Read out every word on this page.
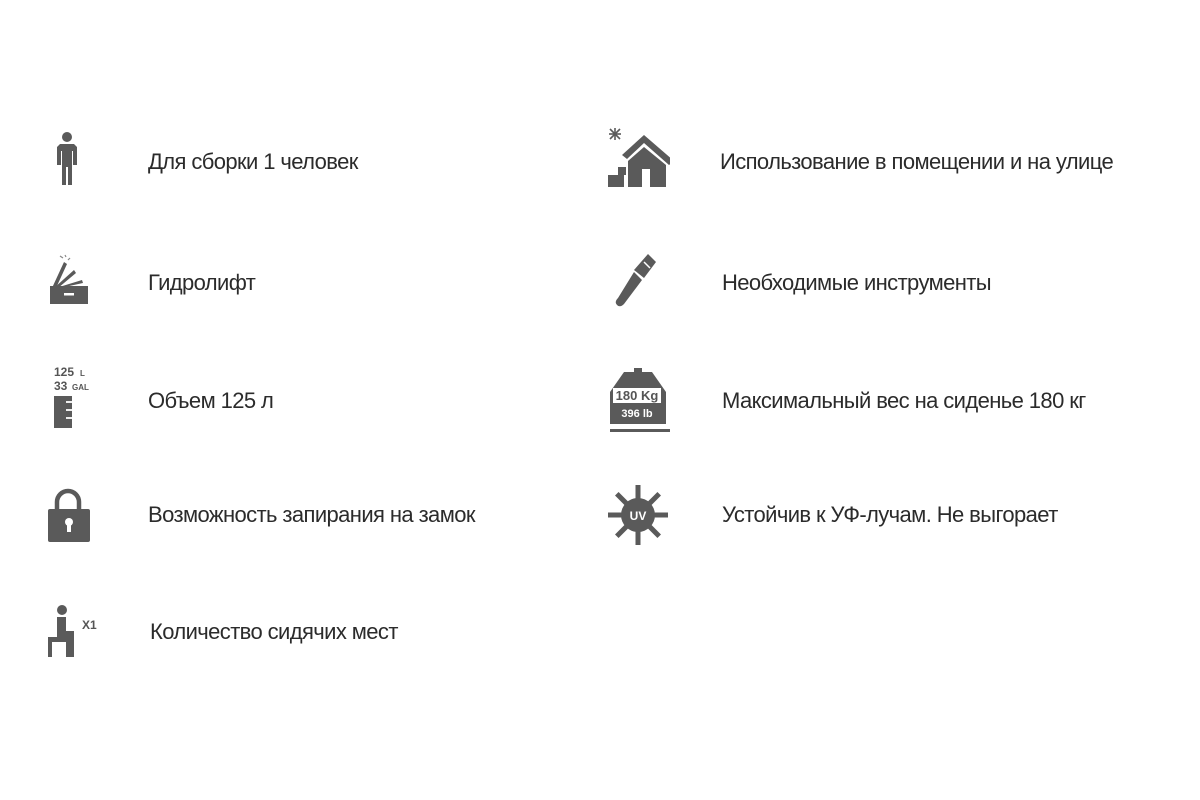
Для сборки 1 человек
Гидролифт
125 L
33 GAL
Объем 125 л
Возможность запирания на замок
X1 Количество сидячих мест
Использование в помещении и на улице
Необходимые инструменты
180 Kg
396 lb
Максимальный вес на сиденье 180 кг
UV	Устойчив к УФ-лучам. Не выгорает
